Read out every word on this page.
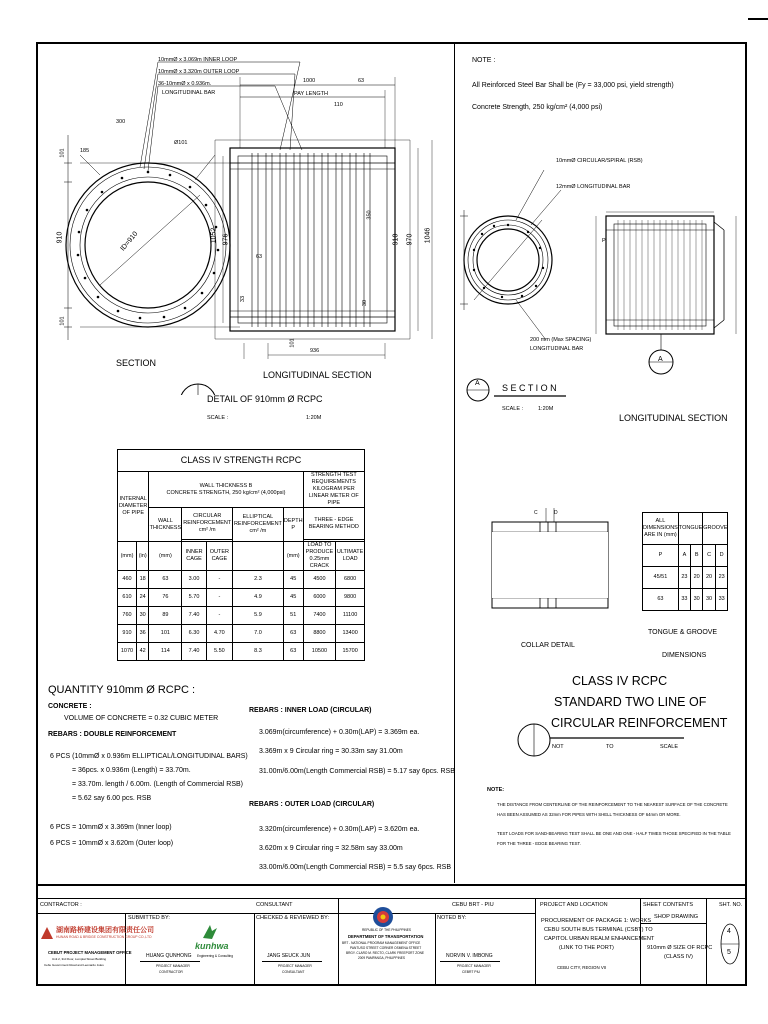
10mmØ x 3.069m INNER LOOP
10mmØ x 3.320m OUTER LOOP
36-10mmØ x 0.936m.
LONGITUDINAL BAR
300
185
101
910
101
ID=910
Ø101
1000
PAY LENGTH
63
110
1052 976	910 970 1046
350
63
33
30
936
101
SECTION
LONGITUDINAL SECTION
DETAIL OF 910mm Ø RCPC
SCALE :	1:20M
NOTE :
All Reinforced Steel Bar Shall be (Fy = 33,000 psi, yield strength)
Concrete Strength, 250 kg/cm² (4,000 psi)
10mmØ CIRCULAR/SPIRAL (RSB)
12mmØ LONGITUDINAL BAR
200 mm (Max SPACING)
LONGITUDINAL BAR
P
A
A
S E C T I O N
SCALE :	1:20M
LONGITUDINAL SECTION
CLASS IV STRENGTH RCPC								
INTERNAL DIAMETER OF PIPE		WALL THICKNESS B
CONCRETE STRENGTH, 250 kg/cm² (4,000psi)					STRENGTH TEST REQUIREMENTS KILOGRAM PER LINEAR METER OF PIPE	
		WALL THICKNESS	CIRCULAR REINFORCEMENT cm² /m		ELLIPTICAL REINFORCEMENT cm² /m	DEPTH P	THREE - EDGE BEARING METHOD	

(mm)	(in)	(mm)	INNER CAGE	OUTER CAGE		(mm)	LOAD TO PRODUCE 0.25mm CRACK	ULTIMATE LOAD
460	18	63	3.00	-	2.3	45	4500	6800
610	24	76	5.70	-	4.9	45	6000	9800
760	30	89	7.40	-	5.9	51	7400	11100
910	36	101	6.30	4.70	7.0	63	8800	13400
1070	42	114	7.40	5.50	8.3	63	10500	15700
C	D
COLLAR DETAIL
ALL DIMENSIONS ARE IN (mm)	TONGUE		GROOVE	
P	A	B	C	D
45/51	23	20	20	23
63	33	30	30	33
TONGUE & GROOVE
DIMENSIONS
CLASS IV RCPC
STANDARD TWO LINE OF
CIRCULAR REINFORCEMENT
NOT	TO	SCALE
NOTE:
THE DISTANCE FROM CENTERLINE OF THE REINFORCEMENT TO THE NEAREST SURFACE OF THE CONCRETE
HAS BEEN ASSUMED AS 32mm FOR PIPES WITH SHELL THICKNESS OF 64mm OR MORE.
TEST LOADS FOR SAND-BEARING TEST SHALL BE ONE AND ONE - HALF TIMES THOSE SPECIFIED IN THE TABLE
FOR THE THREE - EDGE BEARING TEST.
QUANTITY 910mm Ø RCPC :
CONCRETE :
VOLUME OF CONCRETE = 0.32 CUBIC METER
REBARS : DOUBLE REINFORCEMENT
6 PCS (10mmØ x 0.936m ELLIPTICAL/LONGITUDINAL BARS)
= 36pcs. x 0.936m (Length) = 33.70m.
= 33.70m. length / 6.00m. (Length of Commercial RSB)
= 5.62 say 6.00 pcs. RSB
6 PCS = 10mmØ x 3.369m (Inner loop)
6 PCS = 10mmØ x 3.620m (Outer loop)
REBARS : INNER LOAD (CIRCULAR)
3.069m(circumference) + 0.30m(LAP) = 3.369m ea.
3.369m x 9 Circular ring = 30.33m say 31.00m
31.00m/6.00m(Length Commercial RSB) = 5.17 say 6pcs. RSB
REBARS : OUTER LOAD (CIRCULAR)
3.320m(circumference) + 0.30m(LAP) = 3.620m ea.
3.620m x 9 Circular ring = 32.58m say 33.00m
33.00m/6.00m(Length Commercial RSB) = 5.5 say 6pcs. RSB
CONTRACTOR :
SUBMITTED BY:
CONSULTANT
CHECKED & REVIEWED BY:
CEBU BRT - PIU
NOTED BY:
PROJECT AND LOCATION	SHEET CONTENTS	SHT. NO.
湖南路桥建设集团有限责任公司
HUNAN ROAD & BRIDGE CONSTRUCTION GROUP CO.,LTD
CEBUT PROJECT MANAGEMENT OFFICE
Unit 2, 3rd Floor, Lumpiat Street Building
Cebu Government Road and Leonardo Jules
HUANG QUNHONG
PROJECT MANAGER
CONTRACTOR
kunhwa
Engineering & Consulting	JANG SEUCK JUN
PROJECT MANAGER
CONSULTANT
REPUBLIC OF THE PHILIPPINES
DEPARTMENT OF TRANSPORTATION
BRT - NATIONAL PROGRAM MANAGEMENT OFFICE
PANTUSO STREET CORNER OSMENA STREET
BRGY. CLARO M. RECTO, CLARK FREEPORT ZONE
2009 PAMPANGA, PHILIPPINES	NORVIN V. IMBONG
PROJECT MANAGER
CEBRT PIU
PROCUREMENT OF PACKAGE 1: WORKS
CEBU SOUTH BUS TERMINAL (CSBT) TO
CAPITOL URBAN REALM ENHANCEMENT
(LINK TO THE PORT)
CEBU CITY, REGION VII
SHOP DRAWING
910mm Ø SIZE OF RCPC
(CLASS IV)
4
5
